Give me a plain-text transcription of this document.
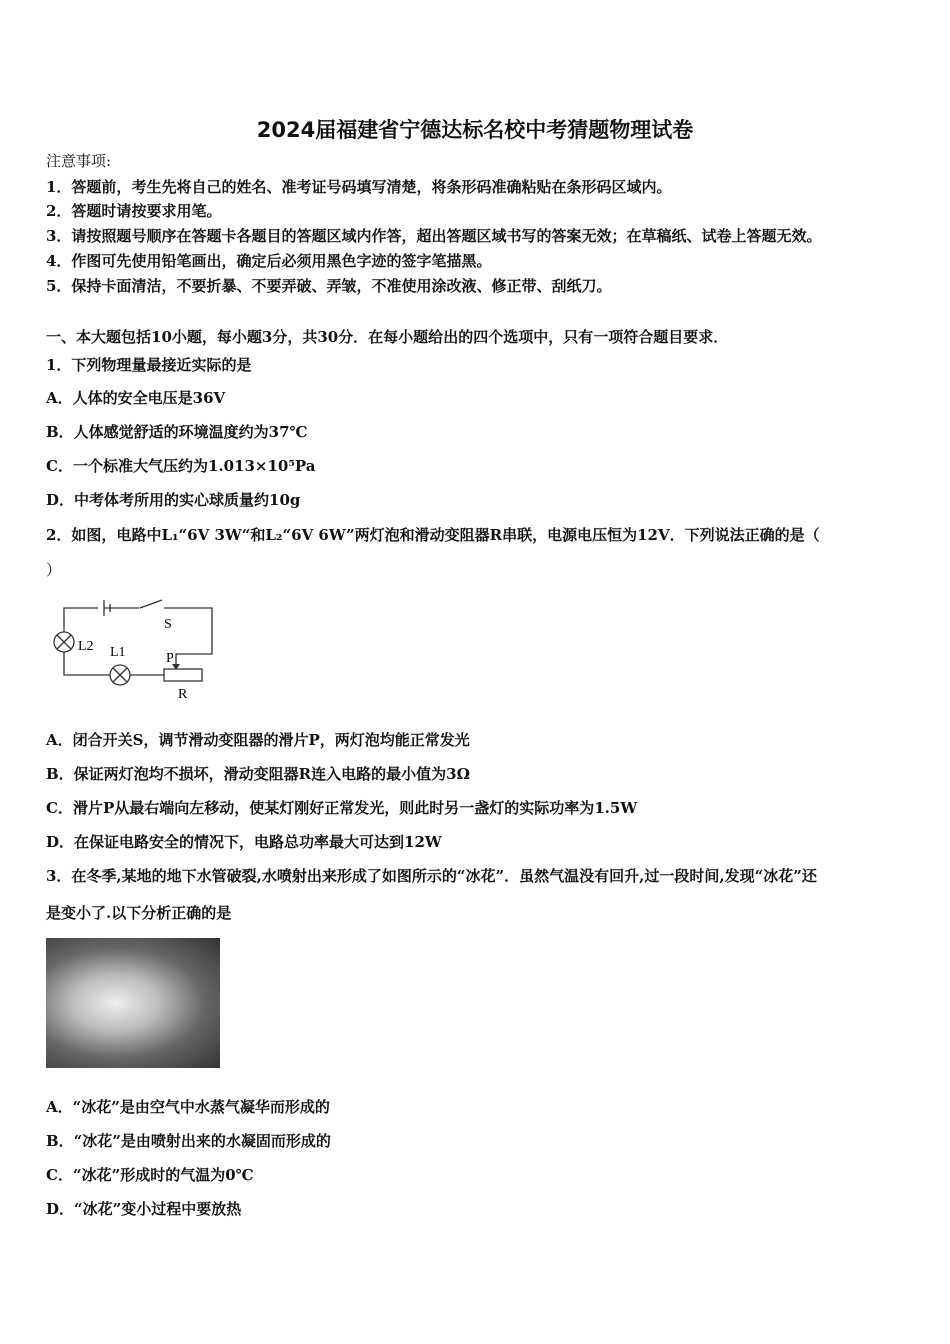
2024届福建省宁德达标名校中考猜题物理试卷
注意事项:
1．答题前，考生先将自己的姓名、准考证号码填写清楚，将条形码准确粘贴在条形码区域内。
2．答题时请按要求用笔。
3．请按照题号顺序在答题卡各题目的答题区域内作答，超出答题区域书写的答案无效；在草稿纸、试卷上答题无效。
4．作图可先使用铅笔画出，确定后必须用黑色字迹的签字笔描黑。
5．保持卡面清洁，不要折暴、不要弄破、弄皱，不准使用涂改液、修正带、刮纸刀。
一、本大题包括10小题，每小题3分，共30分．在每小题给出的四个选项中，只有一项符合题目要求．
1．下列物理量最接近实际的是
A．人体的安全电压是36V
B．人体感觉舒适的环境温度约为37℃
C．一个标准大气压约为1.013×10⁵Pa
D．中考体考所用的实心球质量约10g
2．如图，电路中L₁“6V 3W“和L₂“6V 6W”两灯泡和滑动变阻器R串联，电源电压恒为12V．下列说法正确的是（
）
S
L2 L1	P
R
A．闭合开关S，调节滑动变阻器的滑片P，两灯泡均能正常发光
B．保证两灯泡均不损坏，滑动变阻器R连入电路的最小值为3Ω
C．滑片P从最右端向左移动，使某灯刚好正常发光，则此时另一盏灯的实际功率为1.5W
D．在保证电路安全的情况下，电路总功率最大可达到12W
3．在冬季,某地的地下水管破裂,水喷射出来形成了如图所示的“冰花”．虽然气温没有回升,过一段时间,发现“冰花”还
是变小了.以下分析正确的是
A．“冰花”是由空气中水蒸气凝华而形成的
B．“冰花”是由喷射出来的水凝固而形成的
C．“冰花”形成时的气温为0℃
D．“冰花”变小过程中要放热
